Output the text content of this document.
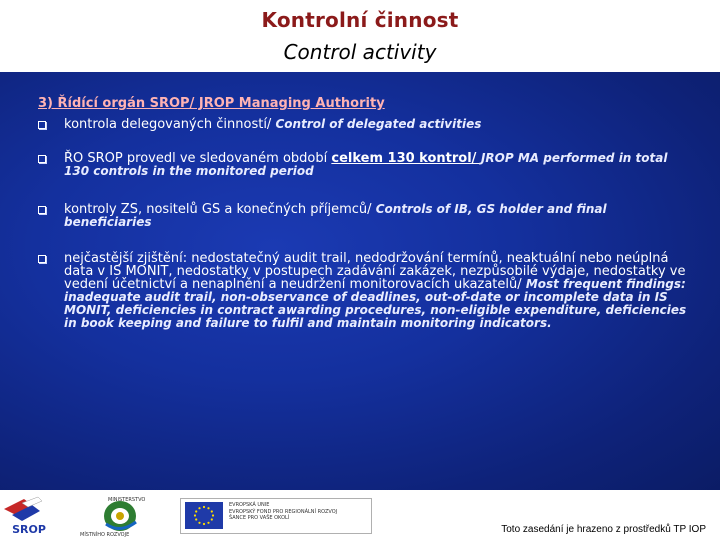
Kontrolní činnost
Control activity
3) Řídící orgán SROP/ JROP Managing Authority
kontrola delegovaných činností/ Control of delegated activities
ŘO SROP provedl ve sledovaném období celkem 130 kontrol/ JROP MA performed in total 130 controls in the monitored period
kontroly ZS, nositelů GS a konečných příjemců/ Controls of IB, GS holder and final beneficiaries
nejčastější zjištění: nedostatečný audit trail, nedodržování termínů, neaktuální nebo neúplná data v IS MONIT, nedostatky v postupech zadávání zakázek, nezpůsobilé výdaje, nedostatky ve vedení účetnictví a nenaplnění a neudržení monitorovacích ukazatelů/ Most frequent findings: inadequate audit trail, non-observance of deadlines, out-of-date or incomplete data in IS MONIT, deficiencies in contract awarding procedures, non-eligible expenditure, deficiencies in book keeping and failure to fulfil and maintain monitoring indicators.
SROP
MINISTERSTVO
MÍSTNÍHO ROZVOJE
EVROPSKÁ UNIE
EVROPSKÝ FOND PRO REGIONÁLNÍ ROZVOJ
ŠANCE PRO VAŠE OKOLÍ
Toto zasedání je hrazeno z prostředků TP IOP
